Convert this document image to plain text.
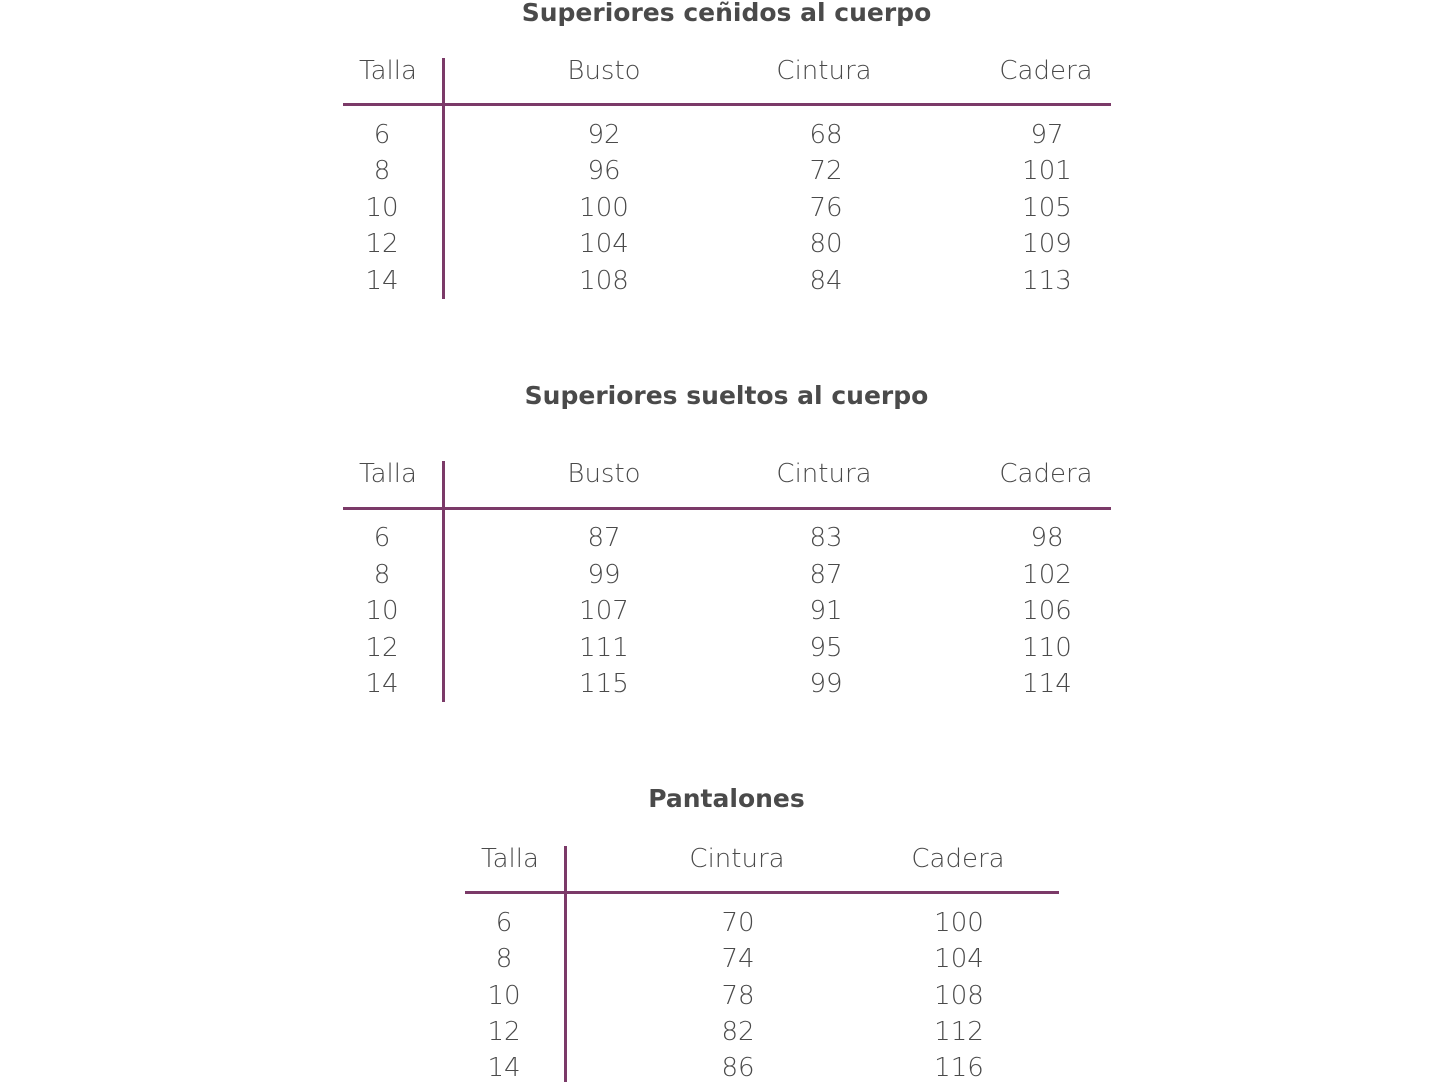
Superiores ceñidos al cuerpo
Talla	Busto	Cintura	Cadera
6	92	68	97
8	96	72	101
10	100	76	105
12	104	80	109
14	108	84	113
Superiores sueltos al cuerpo
Talla	Busto	Cintura	Cadera
6	87	83	98
8	99	87	102
10	107	91	106
12	111	95	110
14	115	99	114
Pantalones
Talla	Cintura	Cadera
6	70	100
8	74	104
10	78	108
12	82	112
14	86	116
